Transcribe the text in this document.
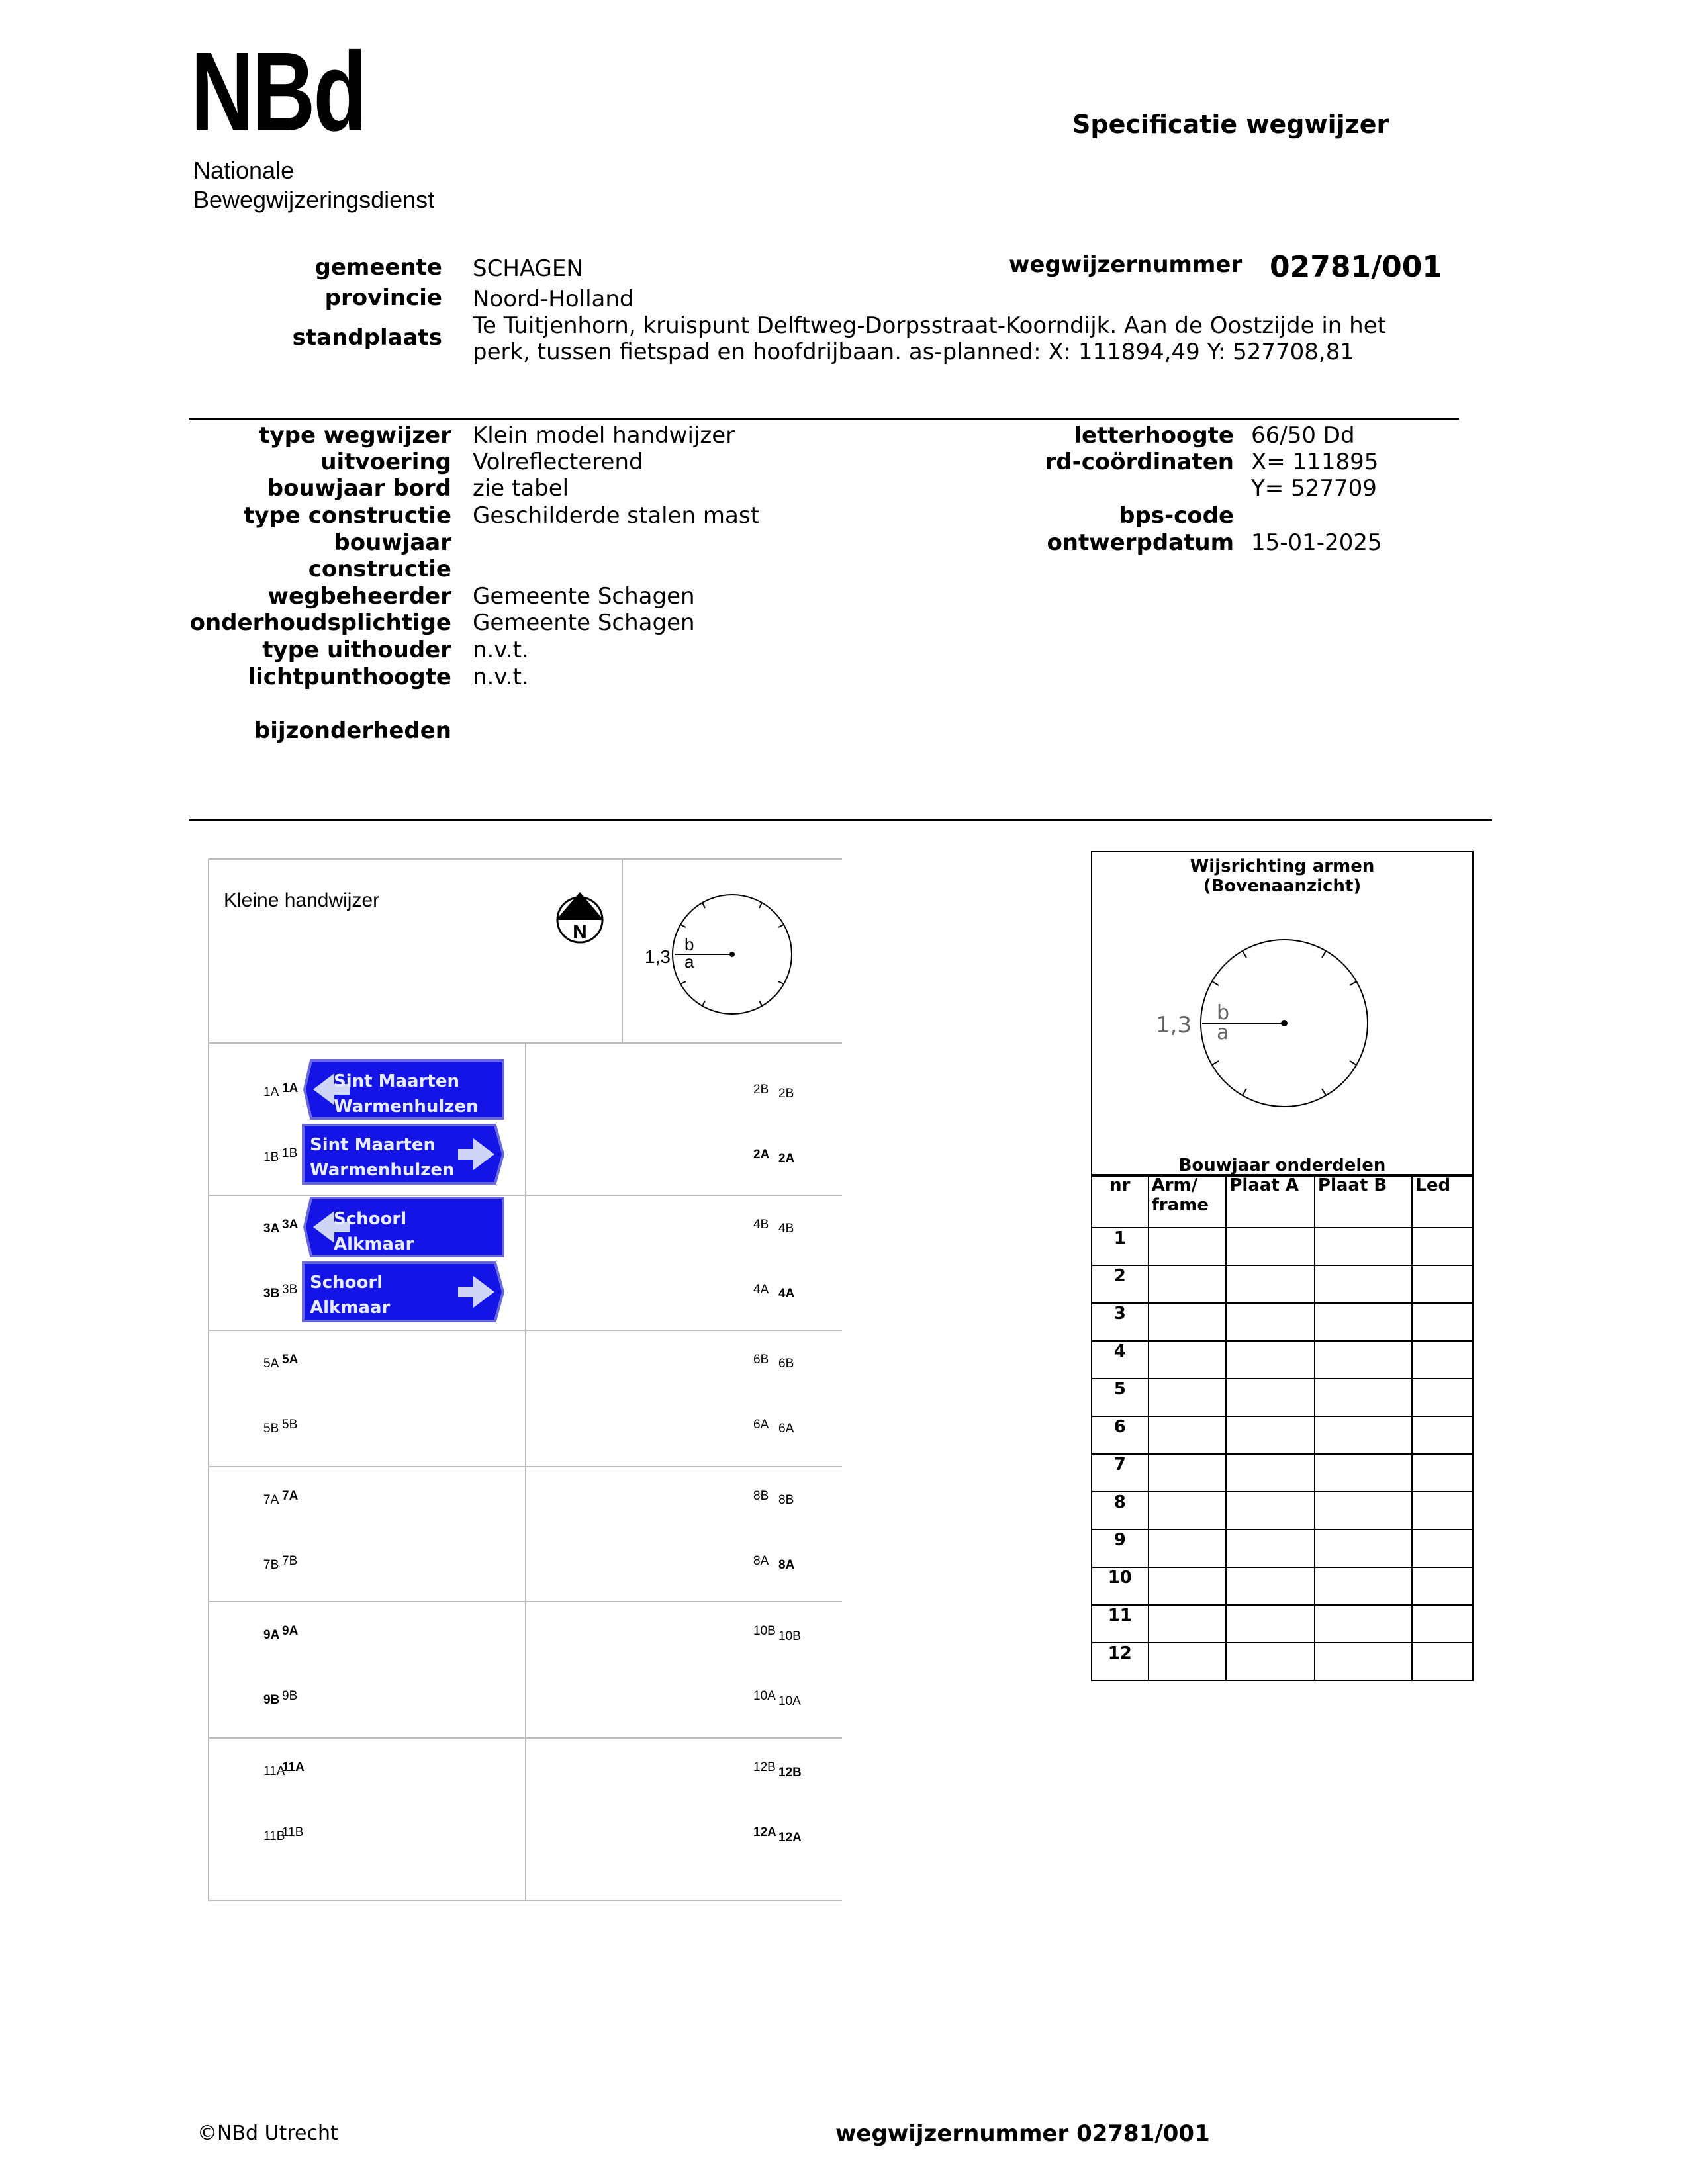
NBd
Nationale
Bewegwijzeringsdienst
Specificatie wegwijzer
gemeente SCHAGEN
provincie Noord-Holland
standplaats Te Tuitjenhorn, kruispunt Delftweg-Dorpsstraat-Koorndijk. Aan de Oostzijde in het
perk, tussen fietspad en hoofdrijbaan. as-planned: X: 111894,49 Y: 527708,81
wegwijzernummer 02781/001
type wegwijzer Klein model handwijzer
uitvoering Volreflecterend
bouwjaar bord zie tabel
type constructie Geschilderde stalen mast
bouwjaar
constructie
wegbeheerder Gemeente Schagen
onderhoudsplichtige Gemeente Schagen
type uithouder n.v.t.
lichtpunthoogte n.v.t.
bijzonderheden
letterhoogte 66/50 Dd
rd-coördinaten X= 111895
Y= 527709
bps-code
ontwerpdatum 15-01-2025
Kleine handwijzer
N
1,3
b
a
Sint Maarten
Warmenhulzen
Sint Maarten
Warmenhulzen
Schoorl
Alkmaar
Schoorl
Alkmaar
1A 1A
1B 1B
3A 3A
3B 3B
5A 5A
5B 5B
7A 7A
7B 7B
9A 9A
9B 9B
11A
11A
11B
11B
2B 2B
2A 2A
4B 4B
4A 4A
6B 6B
6A 6A
8B 8B
8A 8A
10B 10B
10A 10A
12B 12B
12A 12A
Wijsrichting armen
(Bovenaanzicht)
1,3 b
a
Bouwjaar onderdelen
nr	Arm/ frame	Plaat A	Plaat B	Led
1				
2				
3				
4				
5				
6				
7				
8				
9				
10				
11				
12				
©NBd Utrecht	wegwijzernummer 02781/001
